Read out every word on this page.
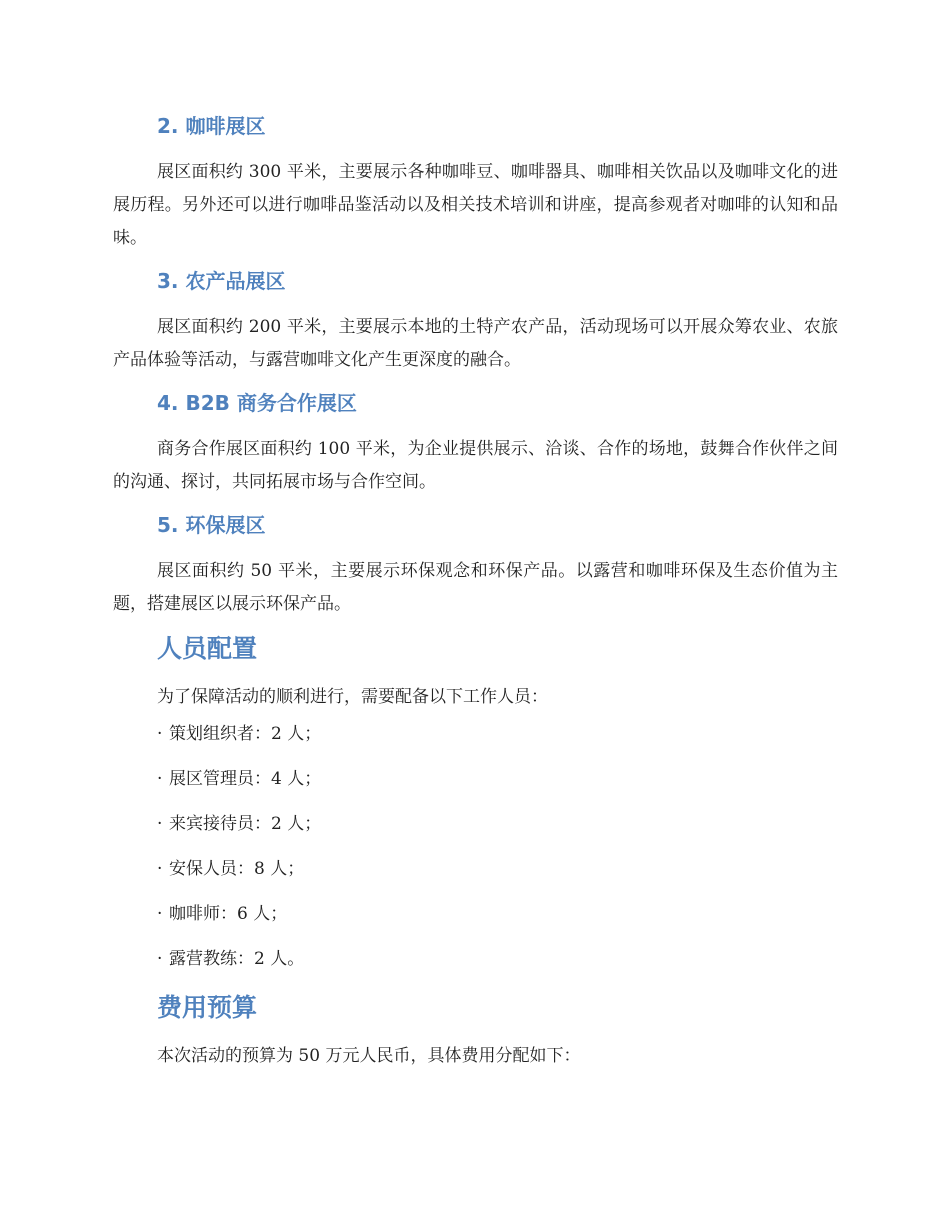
2. 咖啡展区

展区面积约 300 平米，主要展示各种咖啡豆、咖啡器具、咖啡相关饮品以及咖啡文化的进展历程。另外还可以进行咖啡品鉴活动以及相关技术培训和讲座，提高参观者对咖啡的认知和品味。

3. 农产品展区

展区面积约 200 平米，主要展示本地的土特产农产品，活动现场可以开展众筹农业、农旅产品体验等活动，与露营咖啡文化产生更深度的融合。

4. B2B 商务合作展区

商务合作展区面积约 100 平米，为企业提供展示、洽谈、合作的场地，鼓舞合作伙伴之间的沟通、探讨，共同拓展市场与合作空间。

5. 环保展区

展区面积约 50 平米，主要展示环保观念和环保产品。以露营和咖啡环保及生态价值为主题，搭建展区以展示环保产品。

人员配置

为了保障活动的顺利进行，需要配备以下工作人员：

· 策划组织者：2 人；
· 展区管理员：4 人；
· 来宾接待员：2 人；
· 安保人员：8 人；
· 咖啡师：6 人；
· 露营教练：2 人。
费用预算

本次活动的预算为 50 万元人民币，具体费用分配如下：
